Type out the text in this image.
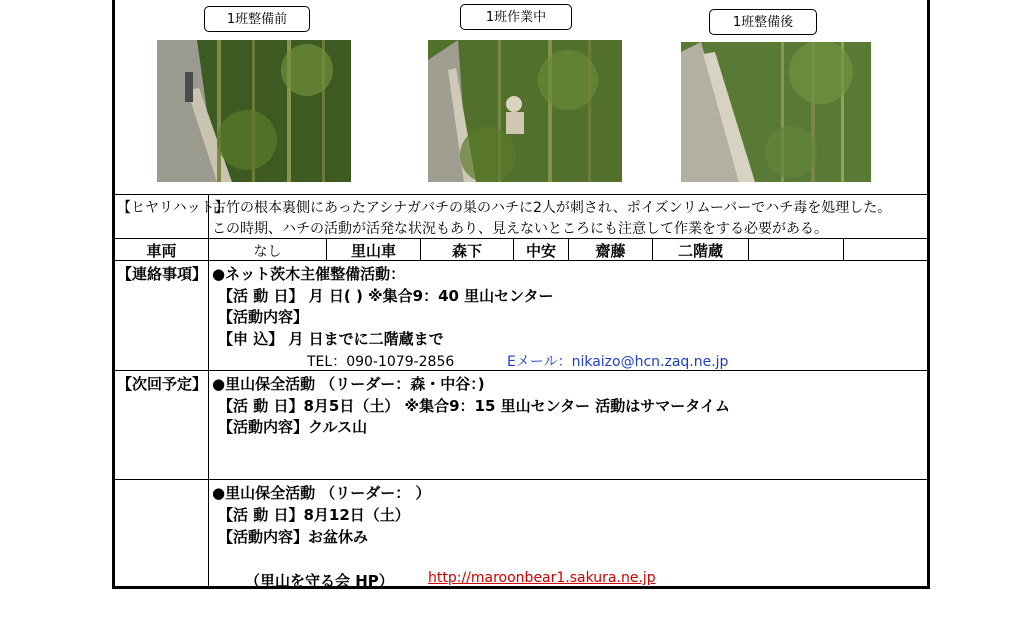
1班整備前	1班作業中	1班整備後
【ヒヤリハット】
古竹の根本裏側にあったアシナガバチの巣のハチに2人が刺され、ポイズンリムーバーでハチ毒を処理した。
この時期、ハチの活動が活発な状況もあり、見えないところにも注意して作業をする必要がある。
車両	なし	里山車	森下	中安	齋藤	二階蔵
【連絡事項】 ●ネット茨木主催整備活動：
【活 動 日】 月 日( ) ※集合9：40 里山センター
【活動内容】
【申 込】 月 日までに二階蔵まで
TEL：090-1079-2856	Eメール：nikaizo@hcn.zaq.ne.jp
【次回予定】 ●里山保全活動 （リーダー：森・中谷：)
【活 動 日】8月5日（土） ※集合9：15 里山センター 活動はサマータイム
【活動内容】クルス山
●里山保全活動 （リーダー： ）
【活 動 日】8月12日（土）
【活動内容】お盆休み
（里山を守る会 HP） http://maroonbear1.sakura.ne.jp
